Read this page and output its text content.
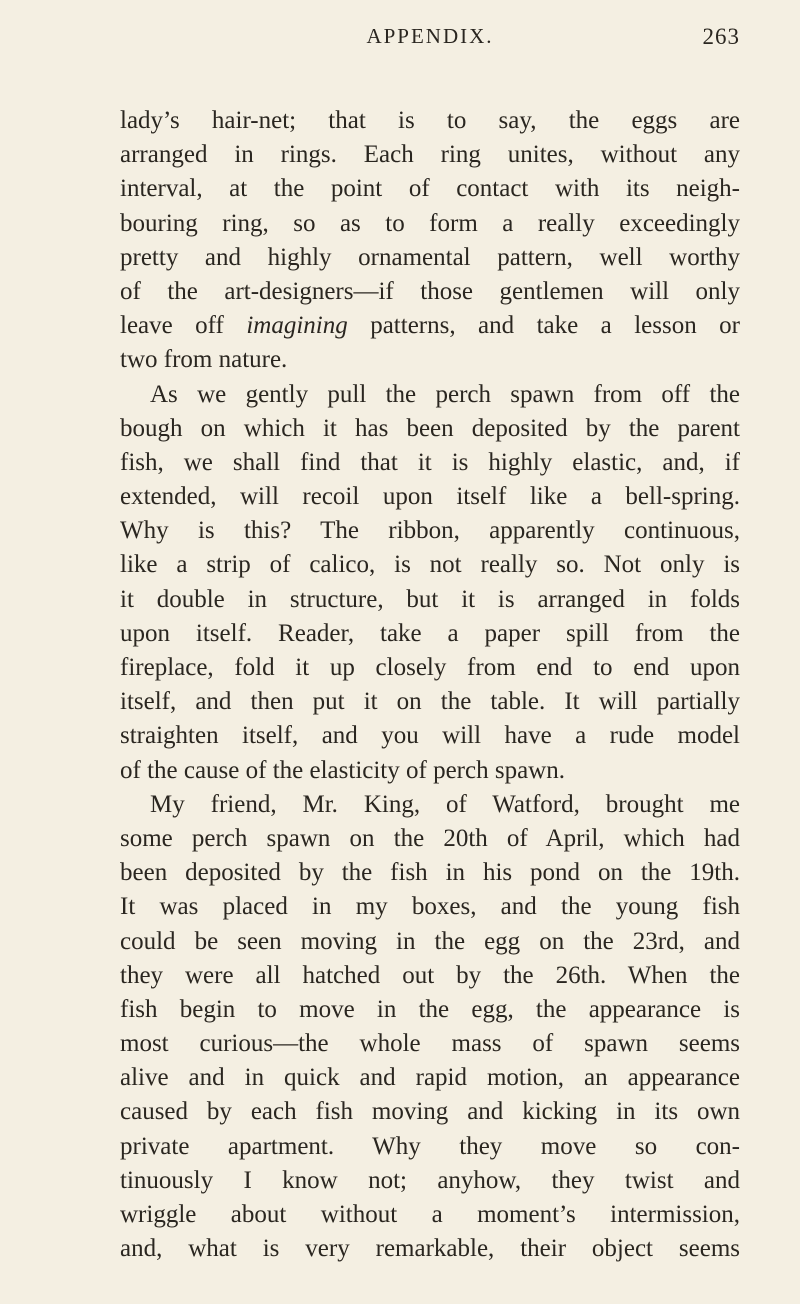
APPENDIX.	263
lady’s hair-net; that is to say, the eggs are
arranged in rings. Each ring unites, without any
interval, at the point of contact with its neigh-
bouring ring, so as to form a really exceedingly
pretty and highly ornamental pattern, well worthy
of the art-designers—if those gentlemen will only
leave off imagining patterns, and take a lesson or
two from nature.
As we gently pull the perch spawn from off the
bough on which it has been deposited by the parent
fish, we shall find that it is highly elastic, and, if
extended, will recoil upon itself like a bell-spring.
Why is this? The ribbon, apparently continuous,
like a strip of calico, is not really so. Not only is
it double in structure, but it is arranged in folds
upon itself. Reader, take a paper spill from the
fireplace, fold it up closely from end to end upon
itself, and then put it on the table. It will partially
straighten itself, and you will have a rude model
of the cause of the elasticity of perch spawn.
My friend, Mr. King, of Watford, brought me
some perch spawn on the 20th of April, which had
been deposited by the fish in his pond on the 19th.
It was placed in my boxes, and the young fish
could be seen moving in the egg on the 23rd, and
they were all hatched out by the 26th. When the
fish begin to move in the egg, the appearance is
most curious—the whole mass of spawn seems
alive and in quick and rapid motion, an appearance
caused by each fish moving and kicking in its own
private apartment. Why they move so con-
tinuously I know not; anyhow, they twist and
wriggle about without a moment’s intermission,
and, what is very remarkable, their object seems
